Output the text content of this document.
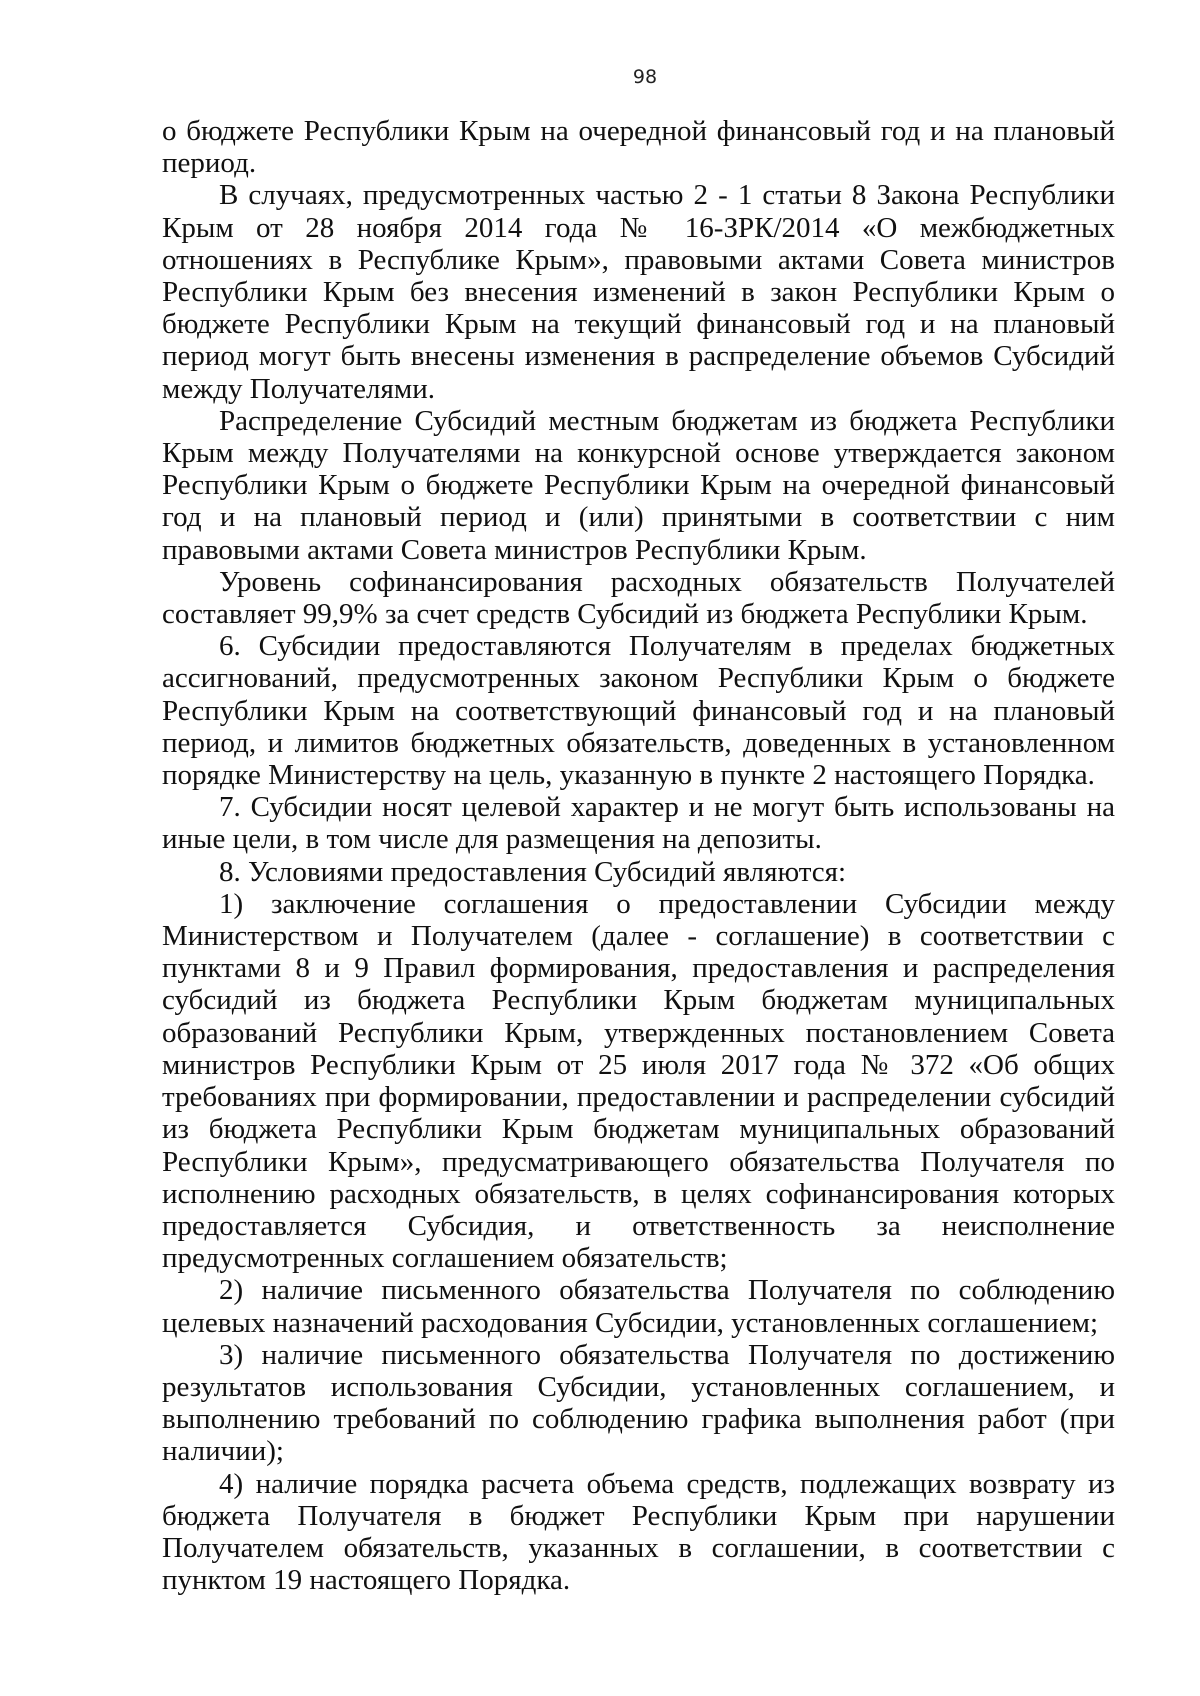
98

о бюджете Республики Крым на очередной финансовый год и на плановый период.

В случаях, предусмотренных частью 2 - 1 статьи 8 Закона Республики Крым от 28 ноября 2014 года № 16-ЗРК/2014 «О межбюджетных отношениях в Республике Крым», правовыми актами Совета министров Республики Крым без внесения изменений в закон Республики Крым о бюджете Республики Крым на текущий финансовый год и на плановый период могут быть внесены изменения в распределение объемов Субсидий между Получателями.

Распределение Субсидий местным бюджетам из бюджета Республики Крым между Получателями на конкурсной основе утверждается законом Республики Крым о бюджете Республики Крым на очередной финансовый год и на плановый период и (или) принятыми в соответствии с ним правовыми актами Совета министров Республики Крым.

Уровень софинансирования расходных обязательств Получателей составляет 99,9% за счет средств Субсидий из бюджета Республики Крым.

6. Субсидии предоставляются Получателям в пределах бюджетных ассигнований, предусмотренных законом Республики Крым о бюджете Республики Крым на соответствующий финансовый год и на плановый период, и лимитов бюджетных обязательств, доведенных в установленном порядке Министерству на цель, указанную в пункте 2 настоящего Порядка.

7. Субсидии носят целевой характер и не могут быть использованы на иные цели, в том числе для размещения на депозиты.

8. Условиями предоставления Субсидий являются:

1) заключение соглашения о предоставлении Субсидии между Министерством и Получателем (далее - соглашение) в соответствии с пунктами 8 и 9 Правил формирования, предоставления и распределения субсидий из бюджета Республики Крым бюджетам муниципальных образований Республики Крым, утвержденных постановлением Совета министров Республики Крым от 25 июля 2017 года № 372 «Об общих требованиях при формировании, предоставлении и распределении субсидий из бюджета Республики Крым бюджетам муниципальных образований Республики Крым», предусматривающего обязательства Получателя по исполнению расходных обязательств, в целях софинансирования которых предоставляется Субсидия, и ответственность за неисполнение предусмотренных соглашением обязательств;

2) наличие письменного обязательства Получателя по соблюдению целевых назначений расходования Субсидии, установленных соглашением;

3) наличие письменного обязательства Получателя по достижению результатов использования Субсидии, установленных соглашением, и выполнению требований по соблюдению графика выполнения работ (при наличии);

4) наличие порядка расчета объема средств, подлежащих возврату из бюджета Получателя в бюджет Республики Крым при нарушении Получателем обязательств, указанных в соглашении, в соответствии с пунктом 19 настоящего Порядка.
